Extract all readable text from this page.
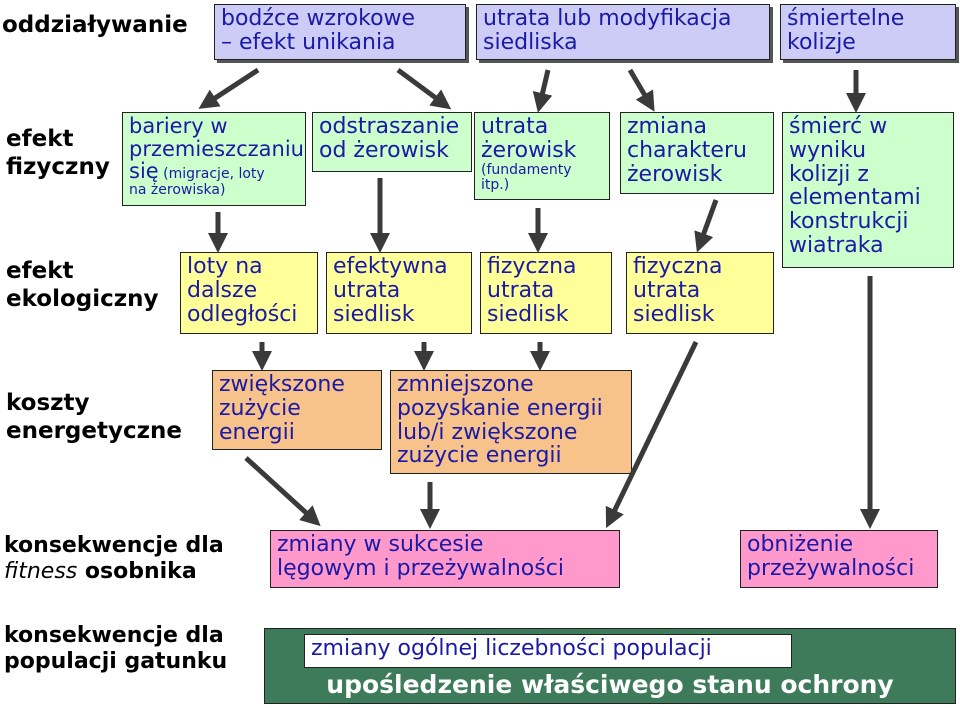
oddziaływanie
efekt
fizyczny
efekt
ekologiczny
koszty
energetyczne
konsekwencje dla
fitness osobnika
konsekwencje dla
populacji gatunku
bodźce wzrokowe
– efekt unikania
utrata lub modyfikacja
siedliska
śmiertelne
kolizje
bariery w
przemieszczaniu
się (migracje, loty
na żerowiska)
odstraszanie
od żerowisk
utrata
żerowisk
(fundamenty
itp.)
zmiana
charakteru
żerowisk
śmierć w
wyniku
kolizji z
elementami
konstrukcji
wiatraka
loty na
dalsze
odległości
efektywna
utrata
siedlisk
fizyczna
utrata
siedlisk
fizyczna
utrata
siedlisk
zwiększone
zużycie
energii
zmniejszone
pozyskanie energii
lub/i zwiększone
zużycie energii
zmiany w sukcesie
lęgowym i przeżywalności
obniżenie
przeżywalności
zmiany ogólnej liczebności populacji
upośledzenie właściwego stanu ochrony
